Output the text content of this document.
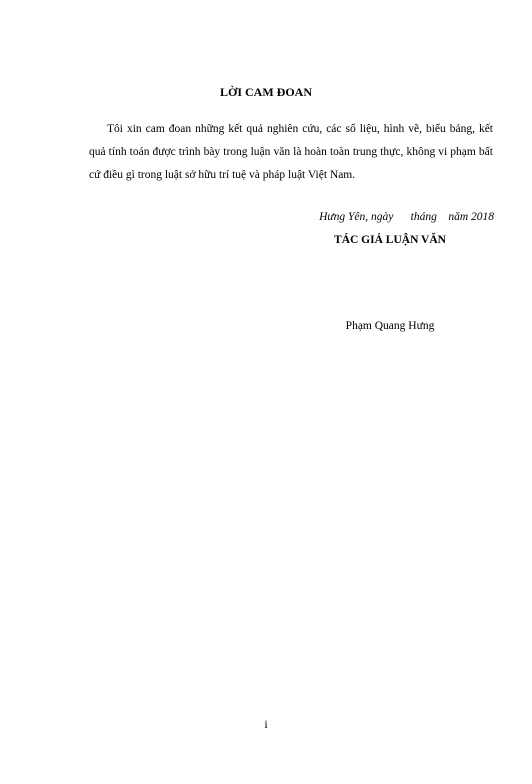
LỜI CAM ĐOAN

Tôi xin cam đoan những kết quả nghiên cứu, các số liệu, hình vẽ, biểu bảng, kết quả tính toán được trình bày trong luận văn là hoàn toàn trung thực, không vi phạm bất cứ điều gì trong luật sở hữu trí tuệ và pháp luật Việt Nam.

Hưng Yên, ngày      tháng    năm 2018
TÁC GIẢ LUẬN VĂN
Phạm Quang Hưng
i
